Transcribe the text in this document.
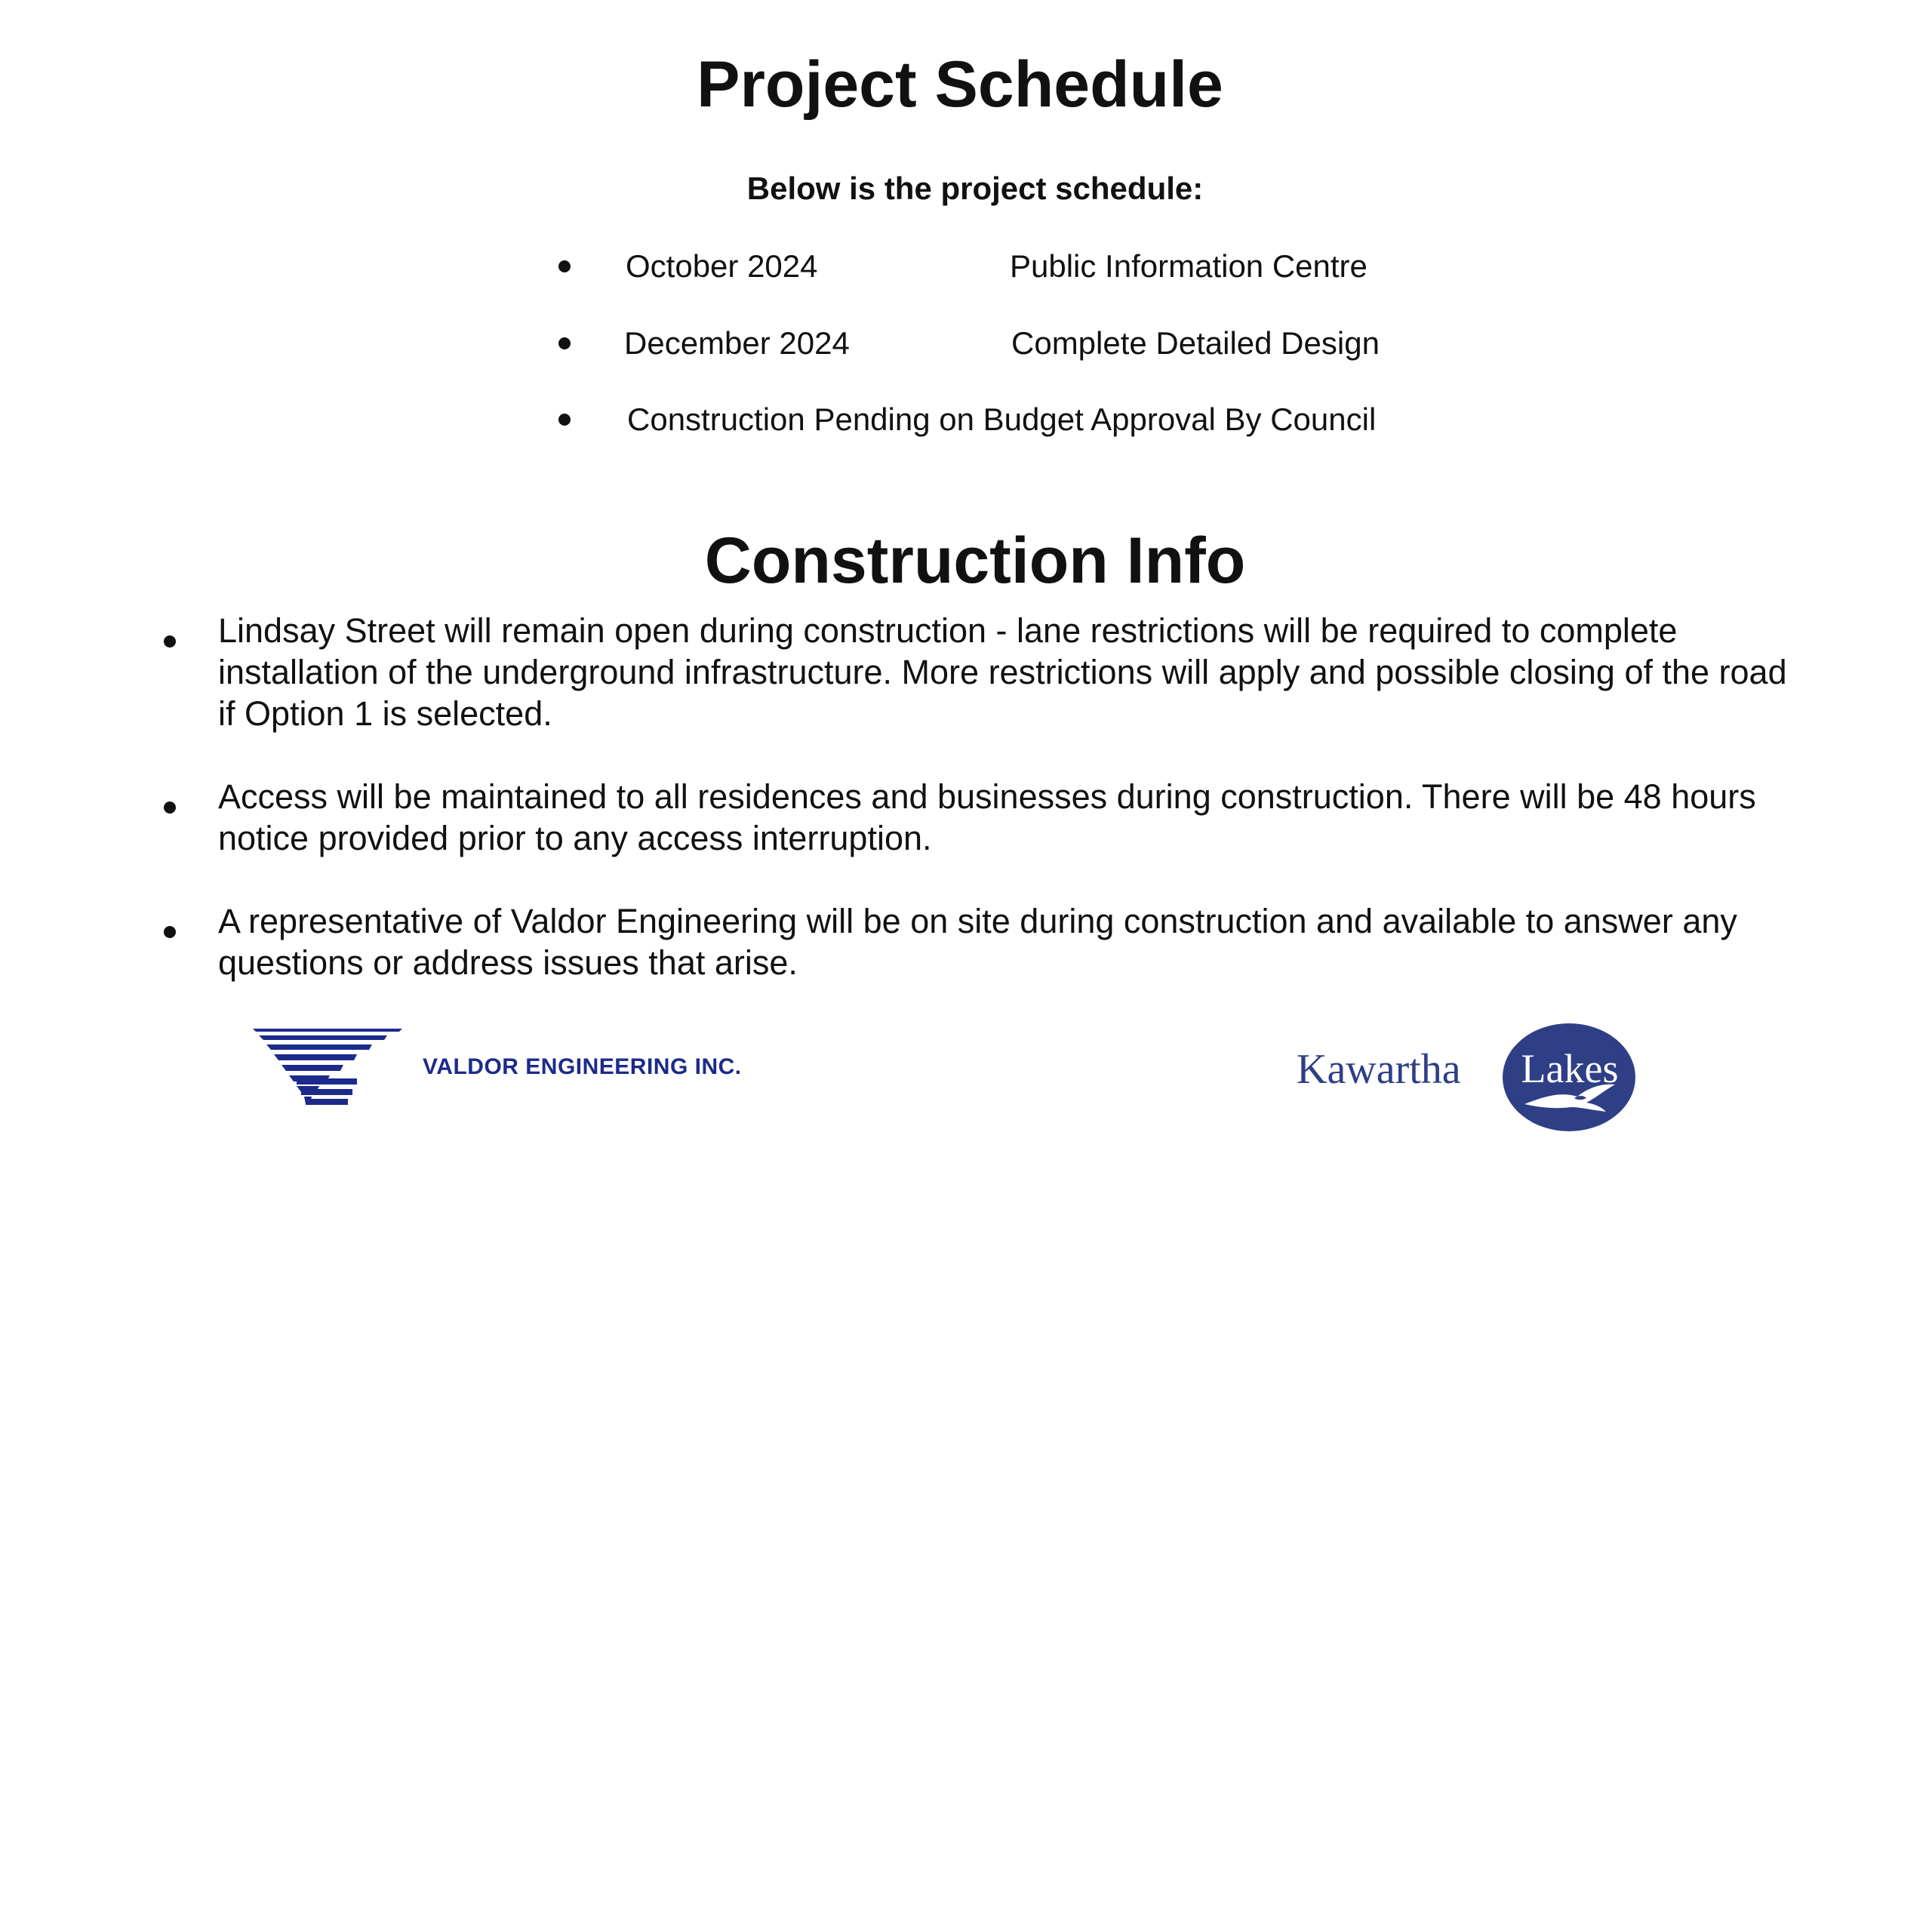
Project Schedule

Below is the project schedule:

October 2024	Public Information Centre
December 2024	Complete Detailed Design
Construction Pending on Budget Approval By Council
Construction Info

Lindsay Street will remain open during construction - lane restrictions will be required to complete installation of the underground infrastructure. More restrictions will apply and possible closing of the road if Option 1 is selected.

Access will be maintained to all residences and businesses during construction. There will be 48 hours notice provided prior to any access interruption.

A representative of Valdor Engineering will be on site during construction and available to answer any questions or address issues that arise.

VALDOR ENGINEERING INC.	Kawartha Lakes
